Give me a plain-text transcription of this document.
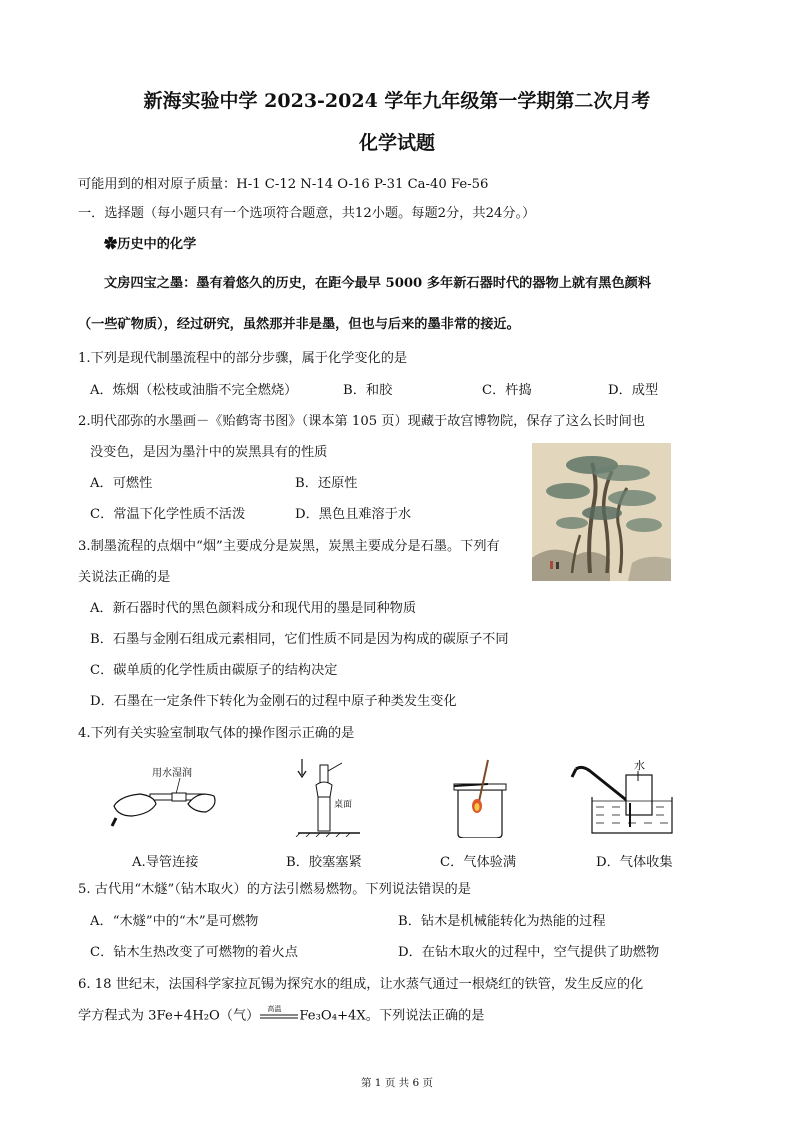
新海实验中学 2023-2024 学年九年级第一学期第二次月考
化学试题
可能用到的相对原子质量：H-1 C-12 N-14 O-16 P-31 Ca-40 Fe-56
一．选择题（每小题只有一个选项符合题意，共12小题。每题2分，共24分。）
✿历史中的化学
文房四宝之墨：墨有着悠久的历史，在距今最早 5000 多年新石器时代的器物上就有黑色颜料
（一些矿物质），经过研究，虽然那并非是墨，但也与后来的墨非常的接近。
1.下列是现代制墨流程中的部分步骤，属于化学变化的是
A．炼烟（松枝或油脂不完全燃烧）	B．和胶	C．杵捣	D．成型
2.明代邵弥的水墨画－《贻鹤寄书图》（课本第 105 页）现藏于故宫博物院，保存了这么长时间也
没变色，是因为墨汁中的炭黑具有的性质
A．可燃性	B．还原性
C．常温下化学性质不活泼	D．黑色且难溶于水
3.制墨流程的点烟中“烟”主要成分是炭黑，炭黑主要成分是石墨。下列有
关说法正确的是
A．新石器时代的黑色颜料成分和现代用的墨是同种物质
B．石墨与金刚石组成元素相同，它们性质不同是因为构成的碳原子不同
C．碳单质的化学性质由碳原子的结构决定
D．石墨在一定条件下转化为金刚石的过程中原子种类发生变化
4.下列有关实验室制取气体的操作图示正确的是
用水湿润
桌面
水
A.导管连接	B．胶塞塞紧	C．气体验满	D．气体收集
5. 古代用“木燧”（钻木取火）的方法引燃易燃物。下列说法错误的是
A．“木燧”中的“木”是可燃物	B．钻木是机械能转化为热能的过程
C．钻木生热改变了可燃物的着火点	D．在钻木取火的过程中，空气提供了助燃物
6. 18 世纪末，法国科学家拉瓦锡为探究水的组成，让水蒸气通过一根烧红的铁管，发生反应的化
学方程式为 3Fe+4H₂O（气） 高温 Fe₃O₄+4X。下列说法正确的是
第 1 页 共 6 页
